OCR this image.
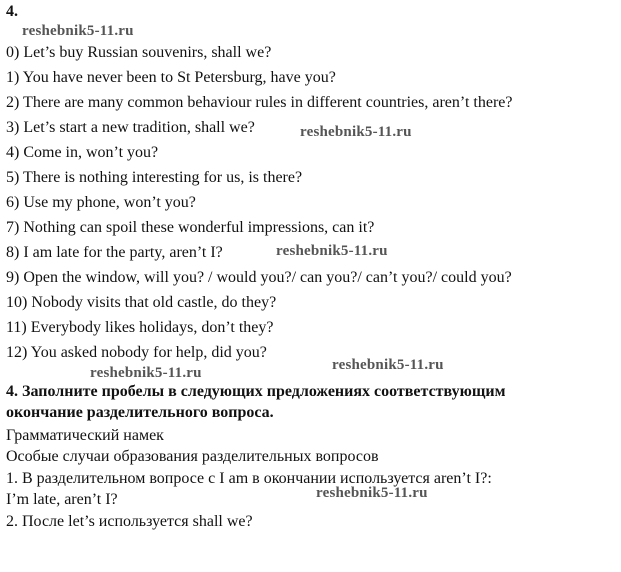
4.
0) Let’s buy Russian souvenirs, shall we?
1) You have never been to St Petersburg, have you?
2) There are many common behaviour rules in different countries, aren’t there?
3) Let’s start a new tradition, shall we?
4) Come in, won’t you?
5) There is nothing interesting for us, is there?
6) Use my phone, won’t you?
7) Nothing can spoil these wonderful impressions, can it?
8) I am late for the party, aren’t I?
9) Open the window, will you? / would you?/ can you?/ can’t you?/ could you?
10) Nobody visits that old castle, do they?
11) Everybody likes holidays, don’t they?
12) You asked nobody for help, did you?
4. Заполните пробелы в следующих предложениях соответствующим
окончание разделительного вопроса.
Грамматический намек
Особые случаи образования разделительных вопросов
1. В разделительном вопросе с I am в окончании используется aren’t I?:
I’m late, aren’t I?
2. После let’s используется shall we?
reshebnik5-11.ru
reshebnik5-11.ru
reshebnik5-11.ru
reshebnik5-11.ru
reshebnik5-11.ru
reshebnik5-11.ru
